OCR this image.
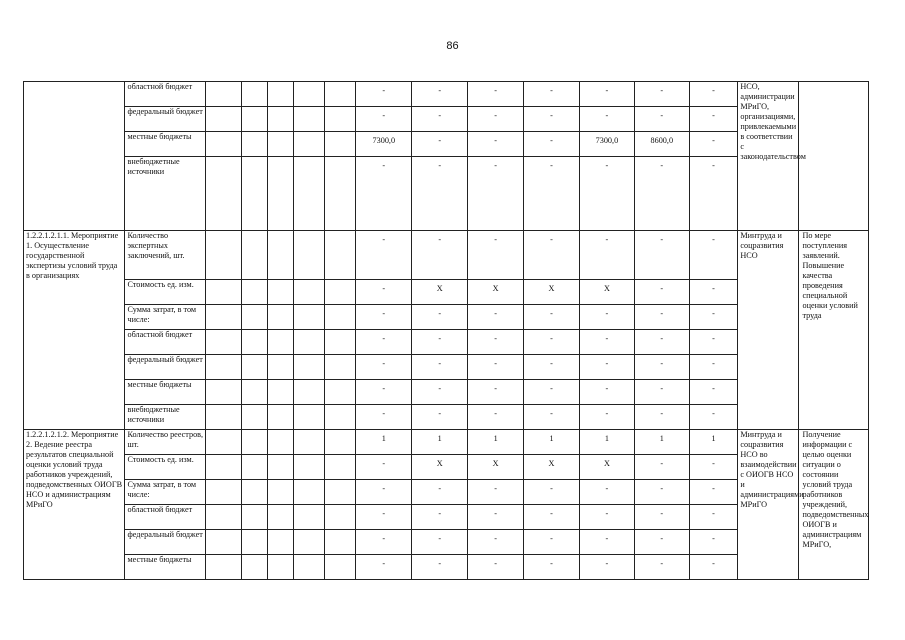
86
	областной бюджет						-	-	-	-	-	-	-	НСО, администрации МРиГО, организациями, привлекаемыми в соответствии с законодательством	
	федеральный бюджет						-	-	-	-	-	-	-		
	местные бюджеты						7300,0	-	-	-	7300,0	8600,0	-		
	внебюджетные источники						-	-	-	-	-	-	-		
1.2.2.1.2.1.1. Мероприятие 1. Осуществление государственной экспертизы условий труда в организациях	Количество экспертных заключений, шт.						-	-	-	-	-	-	-	Минтруда и соцразвития НСО	По мере поступления заявлений. Повышение качества проведения специальной оценки условий труда
	Стоимость ед. изм.						-	X	X	X	X	-	-		
	Сумма затрат, в том числе:						-	-	-	-	-	-	-		
	областной бюджет						-	-	-	-	-	-	-		
	федеральный бюджет						-	-	-	-	-	-	-		
	местные бюджеты						-	-	-	-	-	-	-		
	внебюджетные источники						-	-	-	-	-	-	-		
1.2.2.1.2.1.2. Мероприятие 2. Ведение реестра результатов специальной оценки условий труда работников учреждений, подведомственных ОИОГВ НСО и администрациям МРиГО	Количество реестров, шт.						1	1	1	1	1	1	1	Минтруда и соцразвития НСО во взаимодействии с ОИОГВ НСО и администрациями МРиГО	Получение информации с целью оценки ситуации о состоянии условий труда работников учреждений, подведомственных ОИОГВ и администрациям МРиГО,
	Стоимость ед. изм.						-	X	X	X	X	-	-		
	Сумма затрат, в том числе:						-	-	-	-	-	-	-		
	областной бюджет						-	-	-	-	-	-	-		
	федеральный бюджет						-	-	-	-	-	-	-		
	местные бюджеты						-	-	-	-	-	-	-		
